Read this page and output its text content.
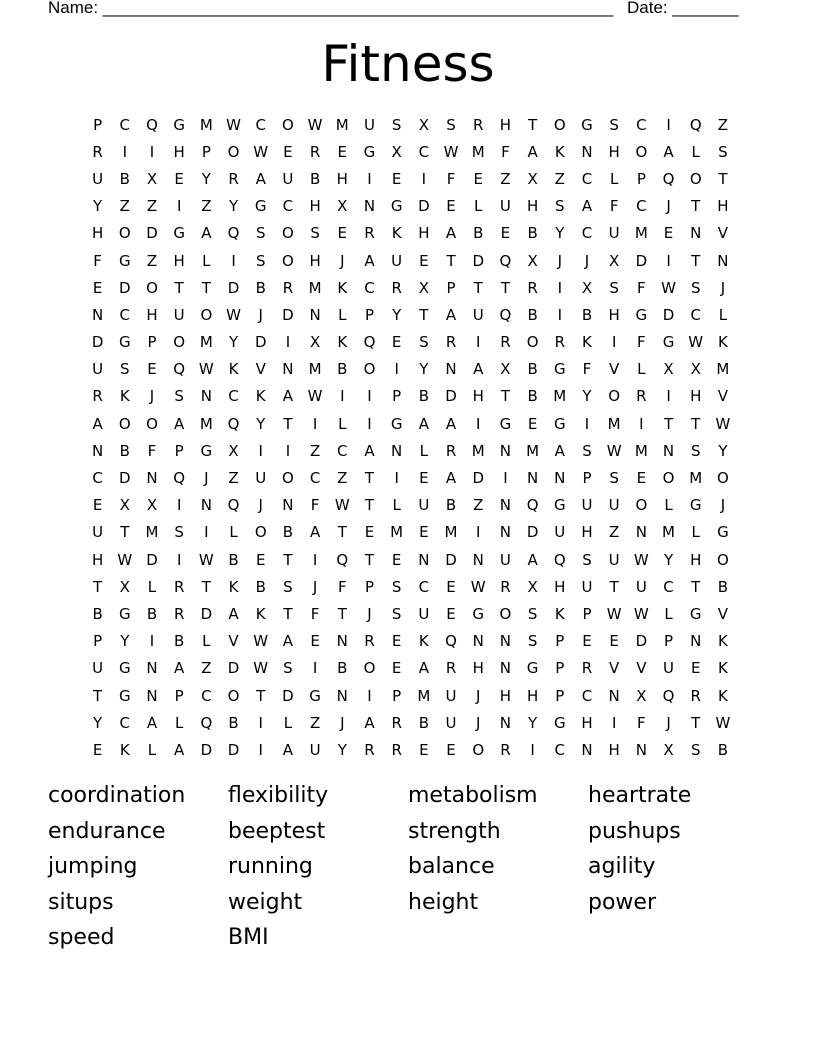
Name: ______________________________________________________ Date: _______
Fitness
P	C	Q	G M W C	O W M	U	S	X	S	R	H	T	O	G	S	C	I	Q	Z
R	I	I	H	P	O W	E	R	E	G	X	C W M	F	A	K	N	H	O	A	L	S
U	B	X	E	Y	R	A	U	B	H	I	E	I	F	E	Z	X	Z	C	L	P	Q	O	T
Y	Z	Z	I	Z	Y	G	C	H	X	N	G	D	E	L	U	H	S	A	F	C	J	T	H
H	O	D	G	A	Q	S	O	S	E	R	K	H	A	B	E	B	Y	C	U	M	E	N	V
F	G	Z	H	L	I	S	O	H	J	A	U	E	T	D	Q	X	J	J	X	D	I	T	N
E	D	O	T	T	D	B	R	M	K	C	R	X	P	T	T	R	I	X	S	F	W	S	J
N	C	H	U	O W	J	D	N	L	P	Y	T	A	U	Q	B	I	B	H	G	D	C	L
D	G	P	O M	Y	D	I	X	K	Q	E	S	R	I	R	O	R	K	I	F	G W K
U	S	E	Q W K	V	N	M	B	O	I	Y	N	A	X	B	G	F	V	L	X	X	M
R	K	J	S	N	C	K	A W	I	I	P	B	D	H	T	B	M	Y	O	R	I	H	V
A	O	O	A	M Q	Y	T	I	L	I	G	A	A	I	G	E	G	I	M	I	T	T	W
N	B	F	P	G	X	I	I	Z	C	A	N	L	R	M	N	M	A	S	W M	N	S	Y
C	D	N	Q	J	Z	U	O	C	Z	T	I	E	A	D	I	N	N	P	S	E	O M O
E	X	X	I	N	Q	J	N	F	W	T	L	U	B	Z	N	Q	G	U	U	O	L	G	J
U	T	M	S	I	L	O	B	A	T	E	M	E	M	I	N	D	U	H	Z	N	M	L	G
H W D	I	W B	E	T	I	Q	T	E	N	D	N	U	A	Q	S	U W	Y	H	O
T	X	L	R	T	K	B	S	J	F	P	S	C	E	W R	X	H	U	T	U	C	T	B
B	G	B	R	D	A	K	T	F	T	J	S	U	E	G	O	S	K	P	W W	L	G	V
P	Y	I	B	L	V W A	E	N	R	E	K	Q	N	N	S	P	E	E	D	P	N	K
U	G	N	A	Z	D W	S	I	B	O	E	A	R	H	N	G	P	R	V	V	U	E	K
T	G	N	P	C	O	T	D	G	N	I	P	M	U	J	H	H	P	C	N	X	Q	R	K
Y	C	A	L	Q	B	I	L	Z	J	A	R	B	U	J	N	Y	G	H	I	F	J	T	W
E	K	L	A	D	D	I	A	U	Y	R	R	E	E	O	R	I	C	N	H	N	X	S	B
coordination	flexibility	metabolism	heartrate
endurance	beeptest	strength	pushups
jumping	running	balance	agility
situps	weight	height	power
speed	BMI
